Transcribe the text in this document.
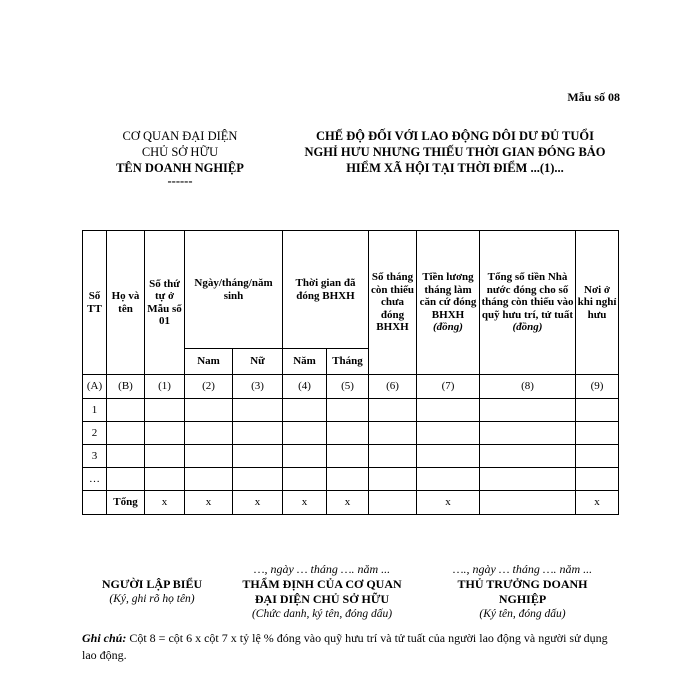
Mẫu số 08
CƠ QUAN ĐẠI DIỆN
CHỦ SỞ HỮU
TÊN DOANH NGHIỆP
------
CHẾ ĐỘ ĐỐI VỚI LAO ĐỘNG DÔI DƯ ĐỦ TUỔI
NGHỈ HƯU NHƯNG THIẾU THỜI GIAN ĐÓNG BẢO
HIỂM XÃ HỘI TẠI THỜI ĐIỂM ...(1)...
Số TT	Họ và tên	Số thứ tự ở Mẫu số 01	Ngày/tháng/năm sinh		Thời gian đã đóng BHXH		Số tháng còn thiếu chưa đóng BHXH	Tiền lương tháng làm căn cứ đóng BHXH (đồng)	Tổng số tiền Nhà nước đóng cho số tháng còn thiếu vào quỹ hưu trí, tử tuất (đồng)	Nơi ở khi nghỉ hưu
			Nam	Nữ	Năm	Tháng				
(A)	(B)	(1)	(2)	(3)	(4)	(5)	(6)	(7)	(8)	(9)
1										
2										
3										
…										
	Tổng	x	x	x	x	x		x		x
NGƯỜI LẬP BIỂU
(Ký, ghi rõ họ tên)
…, ngày … tháng …. năm ...
THẨM ĐỊNH CỦA CƠ QUAN
ĐẠI DIỆN CHỦ SỞ HỮU
(Chức danh, ký tên, đóng dấu)
…., ngày … tháng …. năm ...
THỦ TRƯỞNG DOANH
NGHIỆP
(Ký tên, đóng dấu)
Ghi chú: Cột 8 = cột 6 x cột 7 x tỷ lệ % đóng vào quỹ hưu trí và tử tuất của người lao động và người sử dụng lao động.
